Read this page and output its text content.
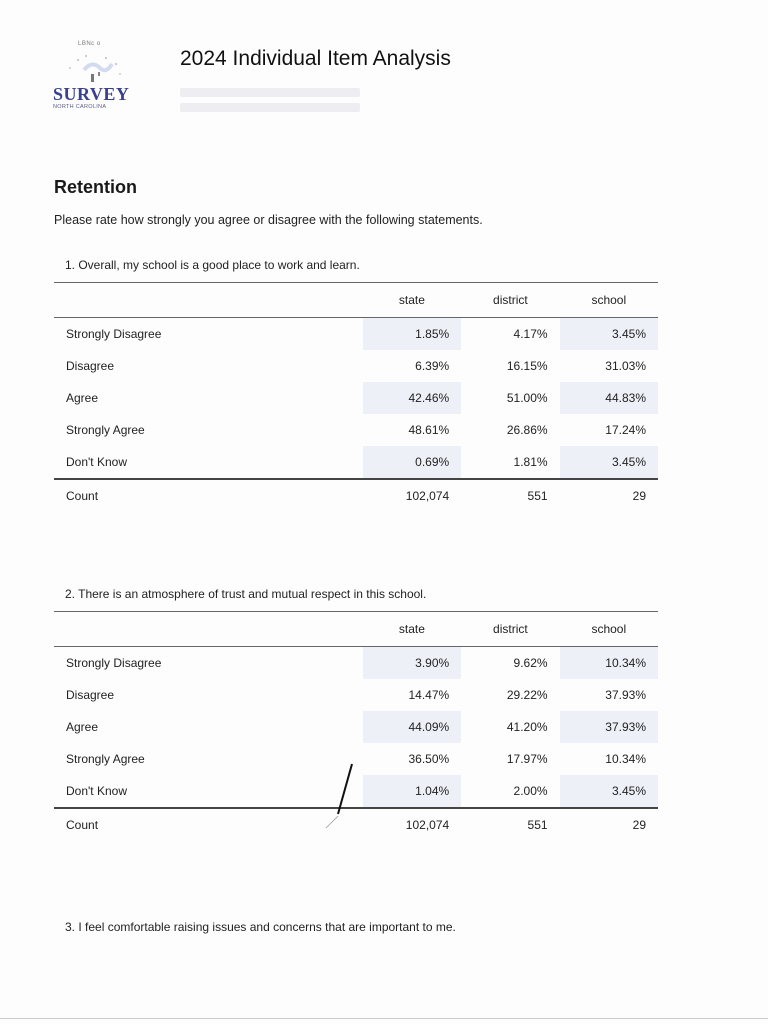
LBNc o
SURVEY
NORTH CAROLINA
2024 Individual Item Analysis
Retention
Please rate how strongly you agree or disagree with the following statements.
1. Overall, my school is a good place to work and learn.
	state	district	school
Strongly Disagree	1.85%	4.17%	3.45%
Disagree	6.39%	16.15%	31.03%
Agree	42.46%	51.00%	44.83%
Strongly Agree	48.61%	26.86%	17.24%
Don't Know	0.69%	1.81%	3.45%
Count	102,074	551	29
2. There is an atmosphere of trust and mutual respect in this school.
	state	district	school
Strongly Disagree	3.90%	9.62%	10.34%
Disagree	14.47%	29.22%	37.93%
Agree	44.09%	41.20%	37.93%
Strongly Agree	36.50%	17.97%	10.34%
Don't Know	1.04%	2.00%	3.45%
Count	102,074	551	29
3. I feel comfortable raising issues and concerns that are important to me.
